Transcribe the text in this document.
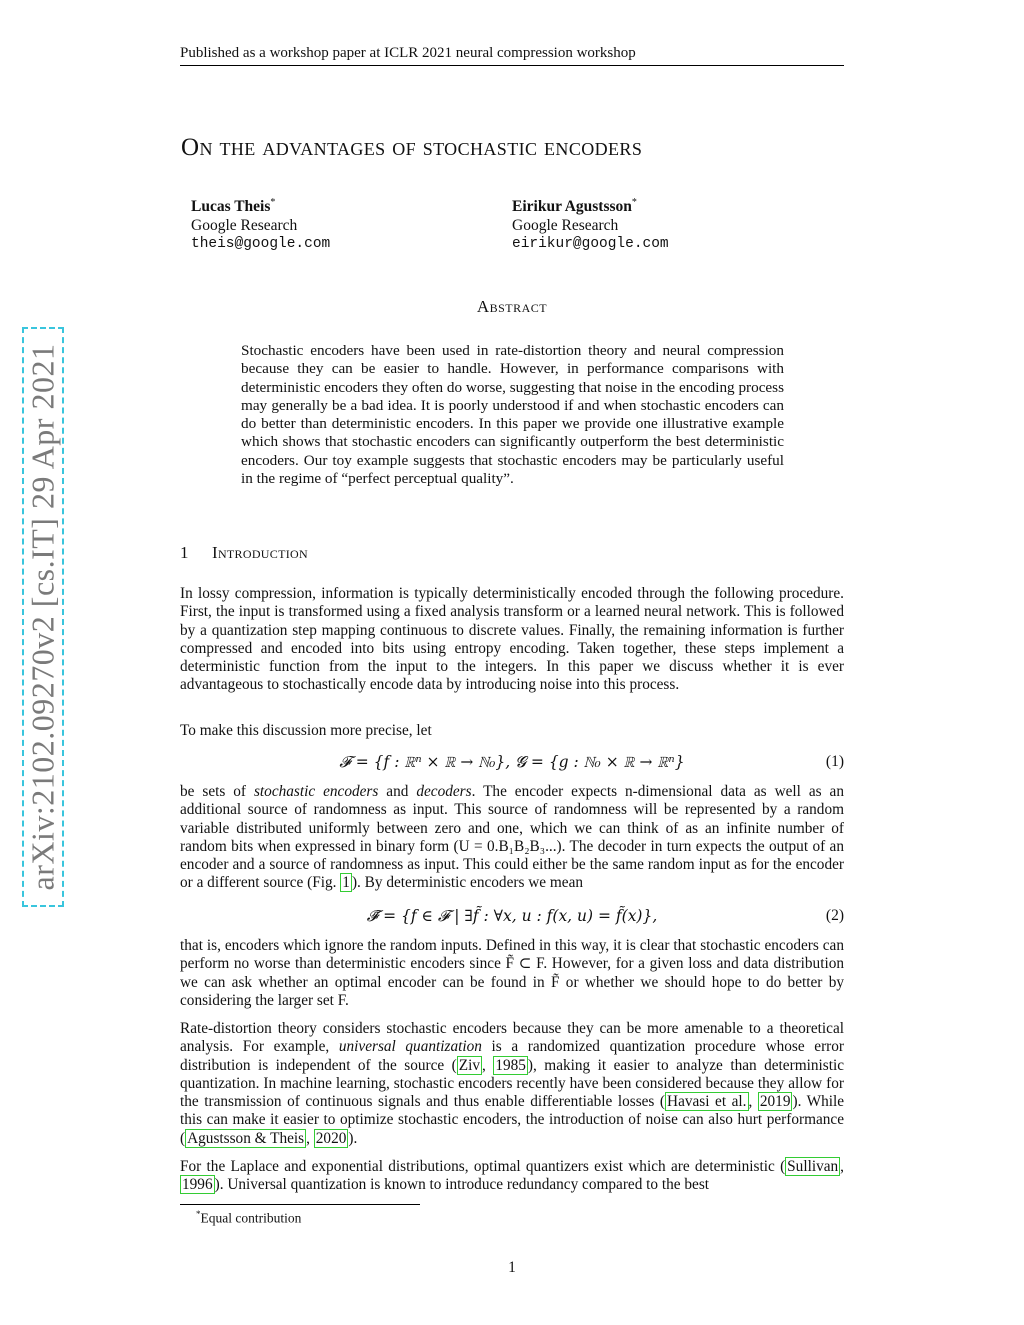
Published as a workshop paper at ICLR 2021 neural compression workshop
On the advantages of stochastic encoders
Lucas Theis*
Google Research
theis@google.com
Eirikur Agustsson*
Google Research
eirikur@google.com
arXiv:2102.09270v2 [cs.IT] 29 Apr 2021
Abstract
Stochastic encoders have been used in rate-distortion theory and neural compression because they can be easier to handle. However, in performance comparisons with deterministic encoders they often do worse, suggesting that noise in the encoding process may generally be a bad idea. It is poorly understood if and when stochastic encoders can do better than deterministic encoders. In this paper we provide one illustrative example which shows that stochastic encoders can significantly outperform the best deterministic encoders. Our toy example suggests that stochastic encoders may be particularly useful in the regime of “perfect perceptual quality”.
1 Introduction
In lossy compression, information is typically deterministically encoded through the following procedure. First, the input is transformed using a fixed analysis transform or a learned neural network. This is followed by a quantization step mapping continuous to discrete values. Finally, the remaining information is further compressed and encoded into bits using entropy encoding. Taken together, these steps implement a deterministic function from the input to the integers. In this paper we discuss whether it is ever advantageous to stochastically encode data by introducing noise into this process.
To make this discussion more precise, let
𝓕 = {f : ℝⁿ × ℝ → ℕ₀}, 𝓖 = {g : ℕ₀ × ℝ → ℝⁿ}	(1)
be sets of stochastic encoders and decoders. The encoder expects n-dimensional data as well as an additional source of randomness as input. This source of randomness will be represented by a random variable distributed uniformly between zero and one, which we can think of as an infinite number of random bits when expressed in binary form (U = 0.B₁B₂B₃...). The decoder in turn expects the output of an encoder and a source of randomness as input. This could either be the same random input as for the encoder or a different source (Fig. 1 ). By deterministic encoders we mean
𝓕̃ = {f ∈ 𝓕 | ∃f̃ : ∀x, u : f(x, u) = f̃(x)},	(2)
that is, encoders which ignore the random inputs. Defined in this way, it is clear that stochastic encoders can perform no worse than deterministic encoders since F̃ ⊂ F. However, for a given loss and data distribution we can ask whether an optimal encoder can be found in F̃ or whether we should hope to do better by considering the larger set F.
Rate-distortion theory considers stochastic encoders because they can be more amenable to a theoretical analysis. For example, universal quantization is a randomized quantization procedure whose error distribution is independent of the source ( Ziv , 1985 ), making it easier to analyze than deterministic quantization. In machine learning, stochastic encoders recently have been considered because they allow for the transmission of continuous signals and thus enable differentiable losses ( Havasi et al. , 2019 ). While this can make it easier to optimize stochastic encoders, the introduction of noise can also hurt performance ( Agustsson & Theis , 2020 ).
For the Laplace and exponential distributions, optimal quantizers exist which are deterministic ( Sullivan , 1996 ). Universal quantization is known to introduce redundancy compared to the best
*Equal contribution
1
